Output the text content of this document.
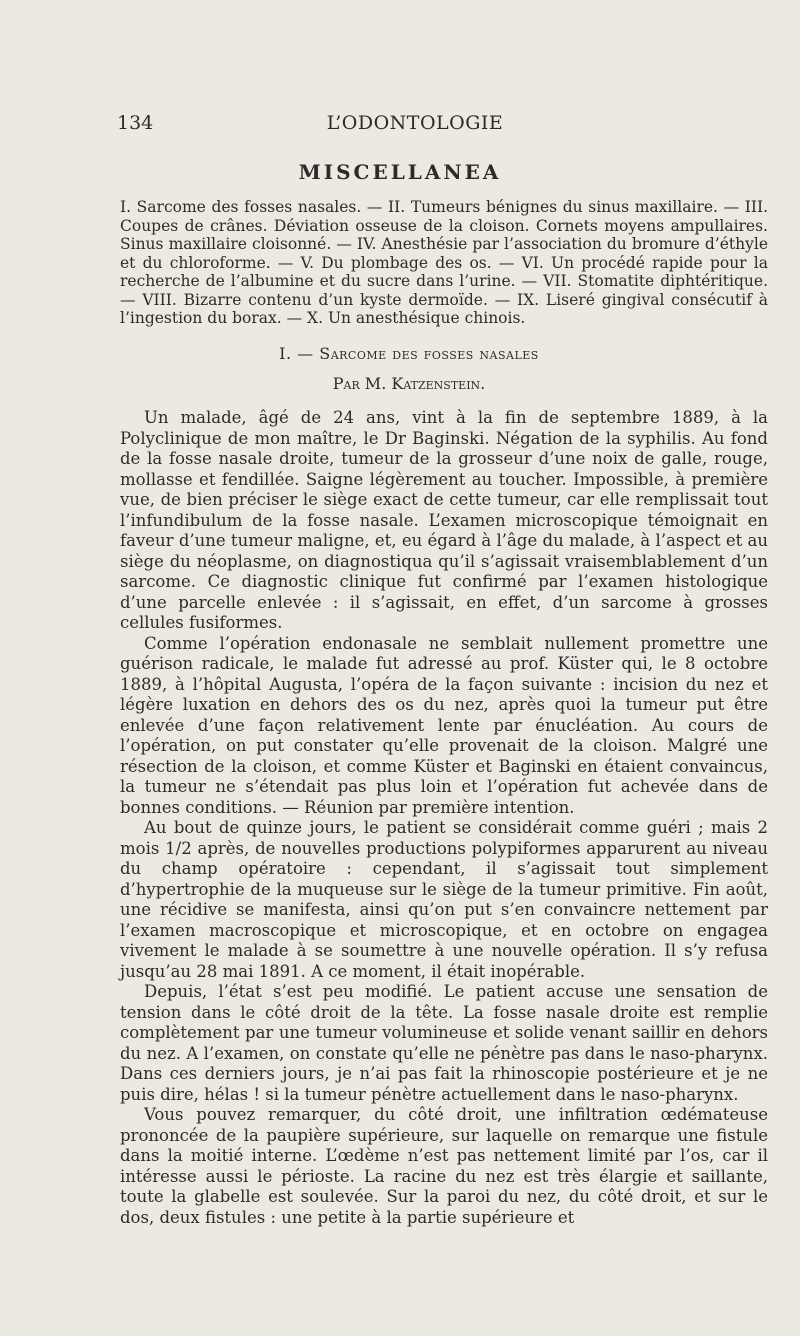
134	L’ODONTOLOGIE
MISCELLANEA

I. Sarcome des fosses nasales. — II. Tumeurs bénignes du sinus maxillaire. — III. Coupes de crânes. Déviation osseuse de la cloison. Cornets moyens ampullaires. Sinus maxillaire cloisonné. — IV. Anesthésie par l’association du bromure d’éthyle et du chloroforme. — V. Du plombage des os. — VI. Un procédé rapide pour la recherche de l’albumine et du sucre dans l’urine. — VII. Stomatite diphtéritique. — VIII. Bizarre contenu d’un kyste dermoïde. — IX. Liseré gingival consécutif à l’ingestion du borax. — X. Un anesthésique chinois.

I. — Sarcome des fosses nasales
Par M. Katzenstein.

Un malade, âgé de 24 ans, vint à la fin de septembre 1889, à la Polyclinique de mon maître, le Dr Baginski. Négation de la syphilis. Au fond de la fosse nasale droite, tumeur de la grosseur d’une noix de galle, rouge, mollasse et fendillée. Saigne légèrement au toucher. Impossible, à première vue, de bien préciser le siège exact de cette tumeur, car elle remplissait tout l’infundibulum de la fosse nasale. L’examen microscopique témoignait en faveur d’une tumeur maligne, et, eu égard à l’âge du malade, à l’aspect et au siège du néoplasme, on diagnostiqua qu’il s’agissait vraisemblablement d’un sarcome. Ce diagnostic clinique fut confirmé par l’examen histologique d’une parcelle enlevée : il s’agissait, en effet, d’un sarcome à grosses cellules fusiformes.

Comme l’opération endonasale ne semblait nullement promettre une guérison radicale, le malade fut adressé au prof. Küster qui, le 8 octobre 1889, à l’hôpital Augusta, l’opéra de la façon suivante : incision du nez et légère luxation en dehors des os du nez, après quoi la tumeur put être enlevée d’une façon relativement lente par énucléation. Au cours de l’opération, on put constater qu’elle provenait de la cloison. Malgré une résection de la cloison, et comme Küster et Baginski en étaient convaincus, la tumeur ne s’étendait pas plus loin et l’opération fut achevée dans de bonnes conditions. — Réunion par première intention.

Au bout de quinze jours, le patient se considérait comme guéri ; mais 2 mois 1/2 après, de nouvelles productions polypiformes apparurent au niveau du champ opératoire : cependant, il s’agissait tout simplement d’hypertrophie de la muqueuse sur le siège de la tumeur primitive. Fin août, une récidive se manifesta, ainsi qu’on put s’en convaincre nettement par l’examen macroscopique et microscopique, et en octobre on engagea vivement le malade à se soumettre à une nouvelle opération. Il s’y refusa jusqu’au 28 mai 1891. A ce moment, il était inopérable.

Depuis, l’état s’est peu modifié. Le patient accuse une sensation de tension dans le côté droit de la tête. La fosse nasale droite est remplie complètement par une tumeur volumineuse et solide venant saillir en dehors du nez. A l’examen, on constate qu’elle ne pénètre pas dans le naso-pharynx. Dans ces derniers jours, je n’ai pas fait la rhinoscopie postérieure et je ne puis dire, hélas ! si la tumeur pénètre actuellement dans le naso-pharynx.

Vous pouvez remarquer, du côté droit, une infiltration œdémateuse prononcée de la paupière supérieure, sur laquelle on remarque une fistule dans la moitié interne. L’œdème n’est pas nettement limité par l’os, car il intéresse aussi le périoste. La racine du nez est très élargie et saillante, toute la glabelle est soulevée. Sur la paroi du nez, du côté droit, et sur le dos, deux fistules : une petite à la partie supérieure et
